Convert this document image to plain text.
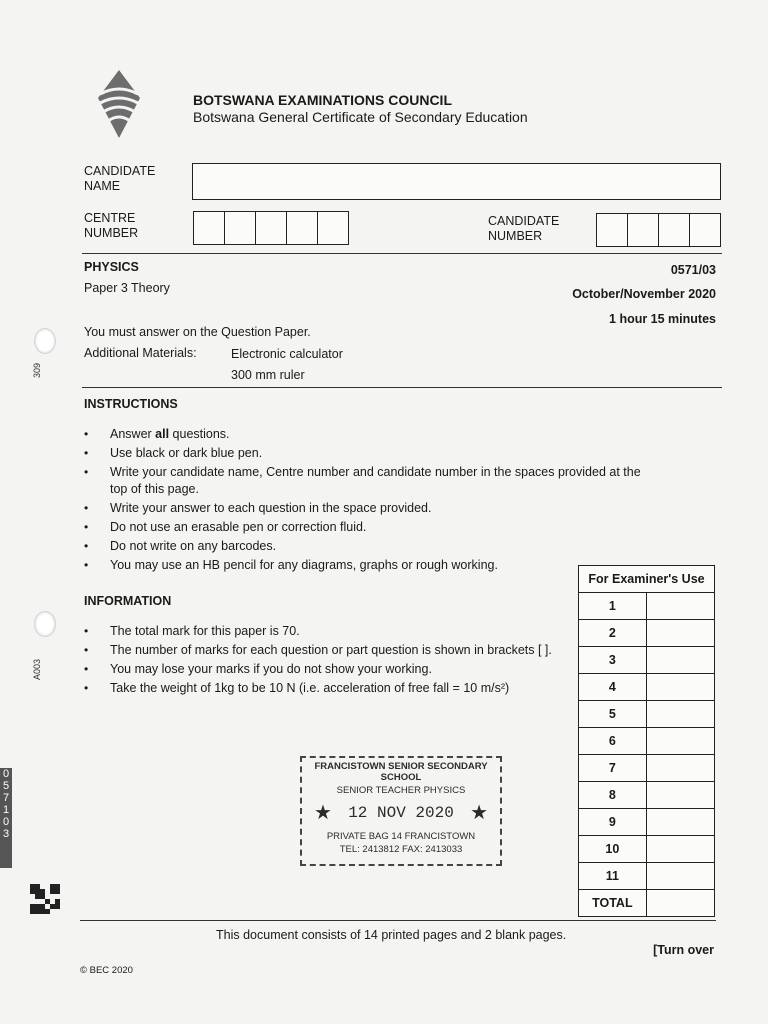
BOTSWANA EXAMINATIONS COUNCIL
Botswana General Certificate of Secondary Education
CANDIDATE
NAME
CENTRE
NUMBER
CANDIDATE
NUMBER
PHYSICS
Paper 3 Theory
0571/03
October/November 2020
1 hour 15 minutes
You must answer on the Question Paper.
Additional Materials:	Electronic calculator
300 mm ruler
INSTRUCTIONS
• Answer all questions.
• Use black or dark blue pen.
• Write your candidate name, Centre number and candidate number in the spaces provided at the top of this page.
• Write your answer to each question in the space provided.
• Do not use an erasable pen or correction fluid.
• Do not write on any barcodes.
• You may use an HB pencil for any diagrams, graphs or rough working.
INFORMATION
• The total mark for this paper is 70.
• The number of marks for each question or part question is shown in brackets [ ].
• You may lose your marks if you do not show your working.
• Take the weight of 1kg to be 10 N (i.e. acceleration of free fall = 10 m/s²)
For Examiner's Use	
1	
2	
3	
4	
5	
6	
7	
8	
9	
10	
11	
TOTAL	
FRANCISTOWN SENIOR SECONDARY
SCHOOL
SENIOR TEACHER PHYSICS
★ 12 NOV 2020 ★
PRIVATE BAG 14 FRANCISTOWN
TEL: 2413812 FAX: 2413033
This document consists of 14 printed pages and 2 blank pages.
[Turn over
© BEC 2020
309
A003
0
5
7
1
0
3
